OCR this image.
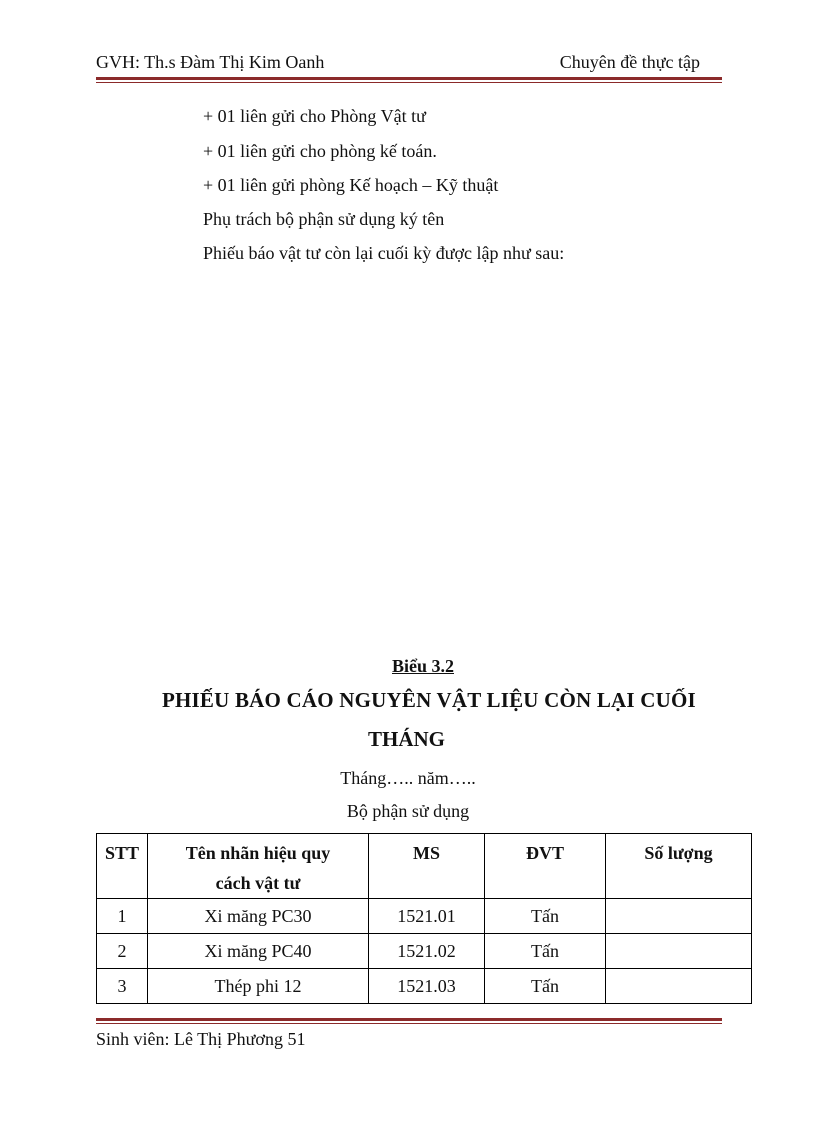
GVH: Th.s Đàm Thị Kim Oanh	Chuyên đề thực tập
+ 01 liên gửi cho Phòng Vật tư
+ 01 liên gửi cho phòng kế toán.
+ 01 liên gửi phòng Kế hoạch – Kỹ thuật
Phụ trách bộ phận sử dụng ký tên
Phiếu báo vật tư còn lại cuối kỳ được lập như sau:
Biểu 3.2
PHIẾU BÁO CÁO NGUYÊN VẬT LIỆU CÒN LẠI CUỐI
THÁNG
Tháng….. năm…..
Bộ phận sử dụng
STT	Tên nhãn hiệu quy cách vật tư	MS	ĐVT	Số lượng
1	Xi măng PC30	1521.01	Tấn	
2	Xi măng PC40	1521.02	Tấn	
3	Thép phi 12	1521.03	Tấn	
Sinh viên: Lê Thị Phương 51
